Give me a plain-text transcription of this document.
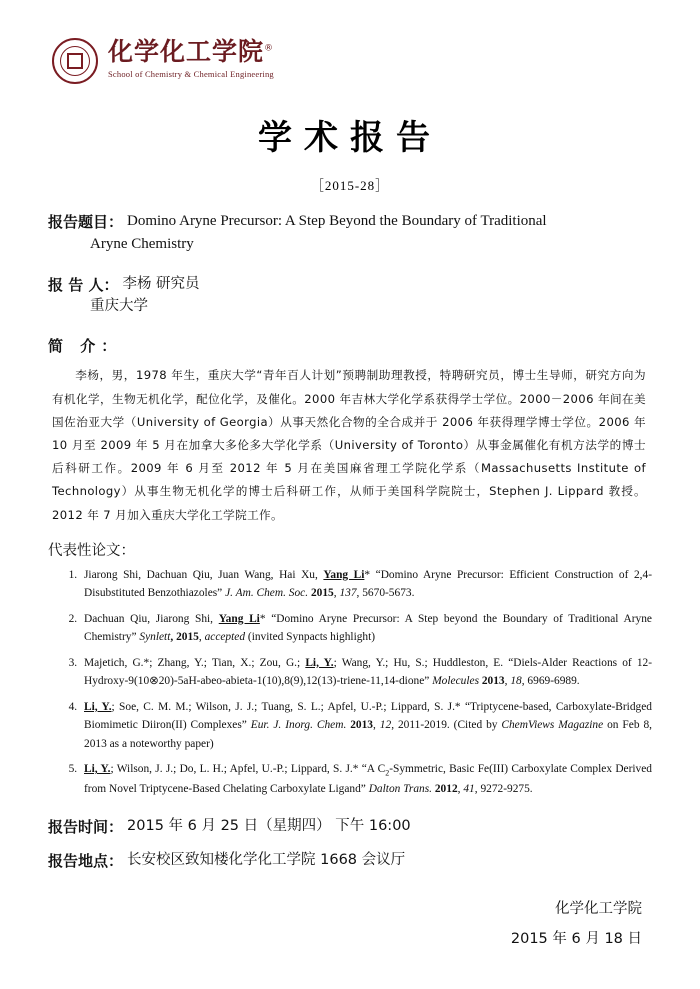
化学化工学院®
School of Chemistry & Chemical Engineering
学术报告
［2015-28］
报告题目： Domino Aryne Precursor: A Step Beyond the Boundary of Traditional
Aryne Chemistry
报 告 人： 李杨 研究员
重庆大学
简 介：
李杨，男，1978 年生，重庆大学“青年百人计划”预聘制助理教授，特聘研究员，博士生导师，研究方向为有机化学，生物无机化学，配位化学，及催化。2000 年吉林大学化学系获得学士学位。2000－2006 年间在美国佐治亚大学（University of Georgia）从事天然化合物的全合成并于 2006 年获得理学博士学位。2006 年 10 月至 2009 年 5 月在加拿大多伦多大学化学系（University of Toronto）从事金属催化有机方法学的博士后科研工作。2009 年 6 月至 2012 年 5 月在美国麻省理工学院化学系（Massachusetts Institute of Technology）从事生物无机化学的博士后科研工作，从师于美国科学院院士，Stephen J. Lippard 教授。2012 年 7 月加入重庆大学化工学院工作。
代表性论文：
1. Jiarong Shi, Dachuan Qiu, Juan Wang, Hai Xu, Yang Li* “Domino Aryne Precursor: Efficient Construction of 2,4-Disubstituted Benzothiazoles” J. Am. Chem. Soc. 2015, 137, 5670-5673.
2. Dachuan Qiu, Jiarong Shi, Yang Li* “Domino Aryne Precursor: A Step beyond the Boundary of Traditional Aryne Chemistry” Synlett, 2015, accepted (invited Synpacts highlight)
3. Majetich, G.*; Zhang, Y.; Tian, X.; Zou, G.; Li, Y.; Wang, Y.; Hu, S.; Huddleston, E. “Diels-Alder Reactions of 12-Hydroxy-9(10⊗20)-5aH-abeo-abieta-1(10),8(9),12(13)-triene-11,14-dione” Molecules 2013, 18, 6969-6989.
4. Li, Y.; Soe, C. M. M.; Wilson, J. J.; Tuang, S. L.; Apfel, U.-P.; Lippard, S. J.* “Triptycene-based, Carboxylate-Bridged Biomimetic Diiron(II) Complexes” Eur. J. Inorg. Chem. 2013, 12, 2011-2019. (Cited by ChemViews Magazine on Feb 8, 2013 as a noteworthy paper)
5. Li, Y.; Wilson, J. J.; Do, L. H.; Apfel, U.-P.; Lippard, S. J.* “A $C_2$-Symmetric, Basic Fe(III) Carboxylate Complex Derived from Novel Triptycene-Based Chelating Carboxylate Ligand” Dalton Trans. 2012, 41, 9272-9275.
报告时间： 2015 年 6 月 25 日（星期四） 下午 16:00
报告地点： 长安校区致知楼化学化工学院 1668 会议厅
化学化工学院
2015 年 6 月 18 日
